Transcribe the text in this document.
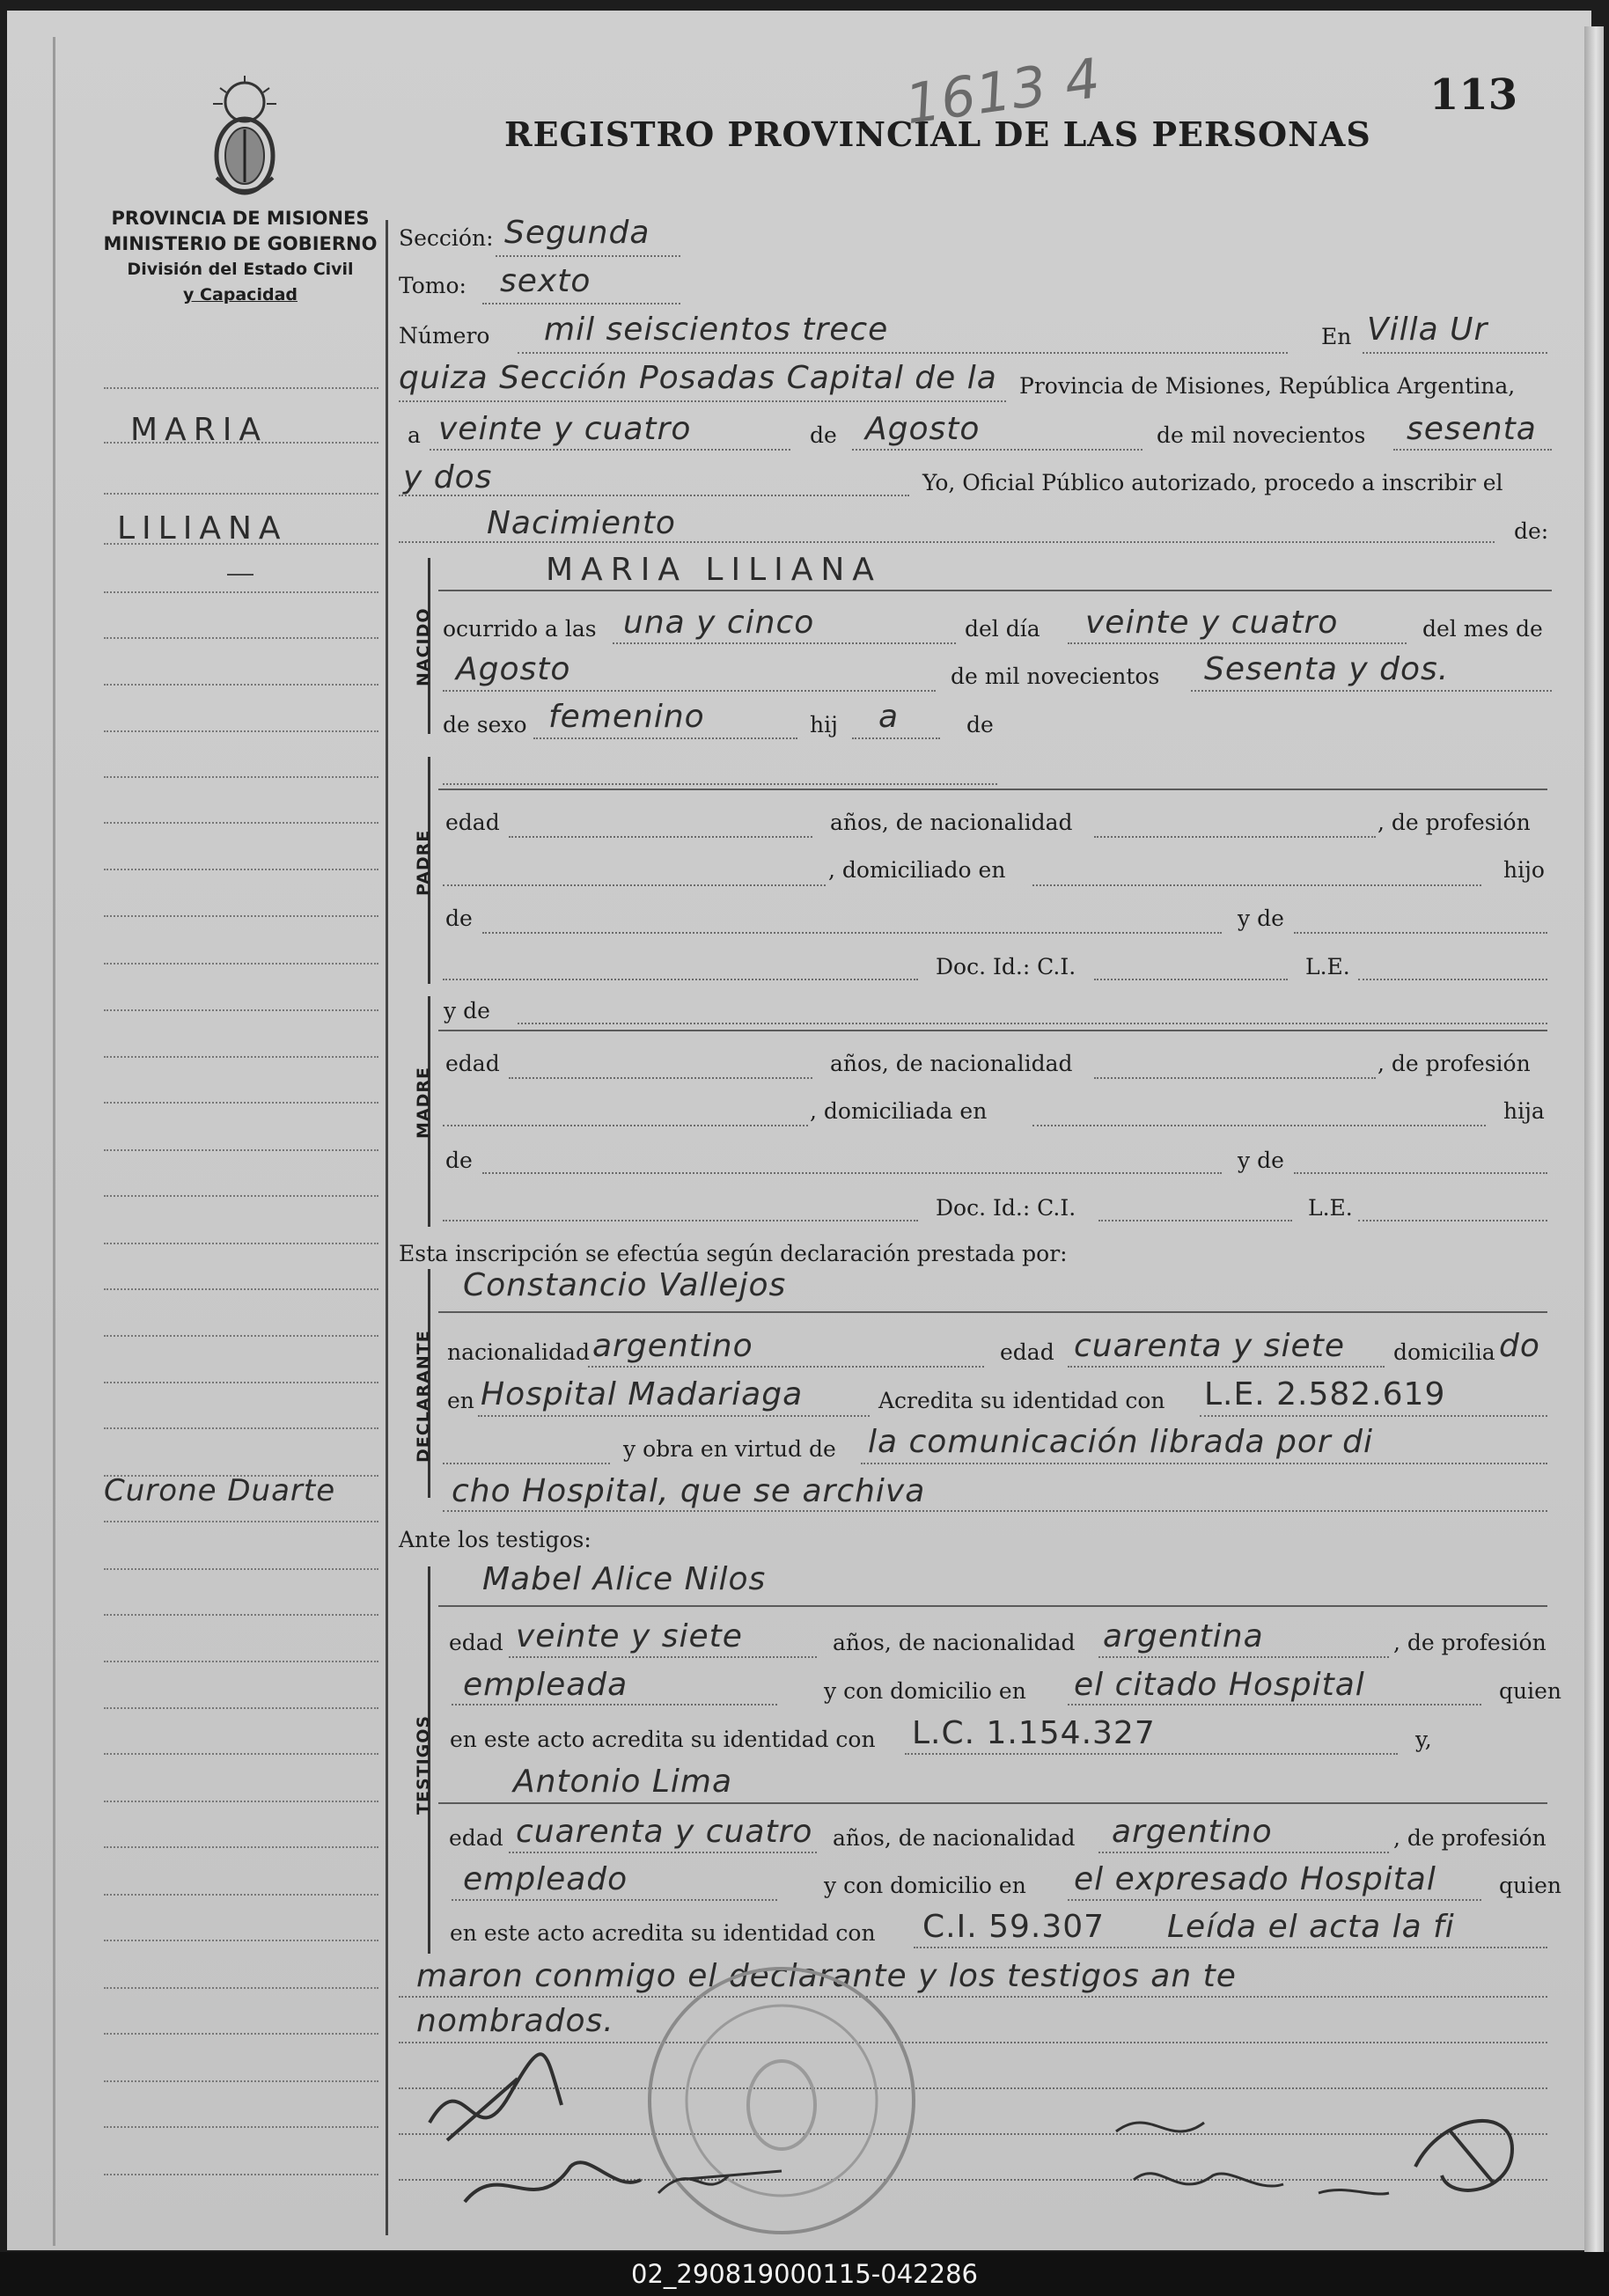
REGISTRO PROVINCIAL DE LAS PERSONAS
113
1613 4
PROVINCIA DE MISIONES
MINISTERIO DE GOBIERNO
División del Estado Civil
y Capacidad
MARIA
LILIANA
Curone Duarte
Sección: Segunda
Tomo: sexto
Número mil seiscientos trece	En Villa Ur
quiza Sección Posadas Capital de la Provincia de Misiones, República Argentina,
a veinte y cuatro	de Agosto	de mil novecientos sesenta
y dos	Yo, Oficial Público autorizado, procedo a inscribir el
Nacimiento	de:
NACIDO
MARIA LILIANA
ocurrido a las una y cinco	del día veinte y cuatro	del mes de
Agosto	de mil novecientos Sesenta y dos.
de sexo femenino	hij a	de
PADRE
edad	años, de nacionalidad	, de profesión
, domiciliado en	hijo
de	y de
Doc. Id.: C.I.	L.E.
MADRE
y de
edad	años, de nacionalidad	, de profesión
, domiciliada en	hija
de	y de
Doc. Id.: C.I.	L.E.
Esta inscripción se efectúa según declaración prestada por:
DECLARANTE
Constancio Vallejos
nacionalidad argentino	edad cuarenta y siete domicilia do
en Hospital Madariaga	Acredita su identidad con L.E. 2.582.619
y obra en virtud de la comunicación librada por di
cho Hospital, que se archiva
Ante los testigos:
TESTIGOS
Mabel Alice Nilos
edad veinte y siete	años, de nacionalidad argentina	, de profesión
empleada	y con domicilio en el citado Hospital	quien
en este acto acredita su identidad con L.C. 1.154.327	y,
Antonio Lima
edad cuarenta y cuatro años, de nacionalidad argentino	, de profesión
empleado	y con domicilio en el expresado Hospital	quien
en este acto acredita su identidad con C.I. 59.307 Leída el acta la fi
maron conmigo el declarante y los testigos an te
nombrados.
02_290819000115-042286
